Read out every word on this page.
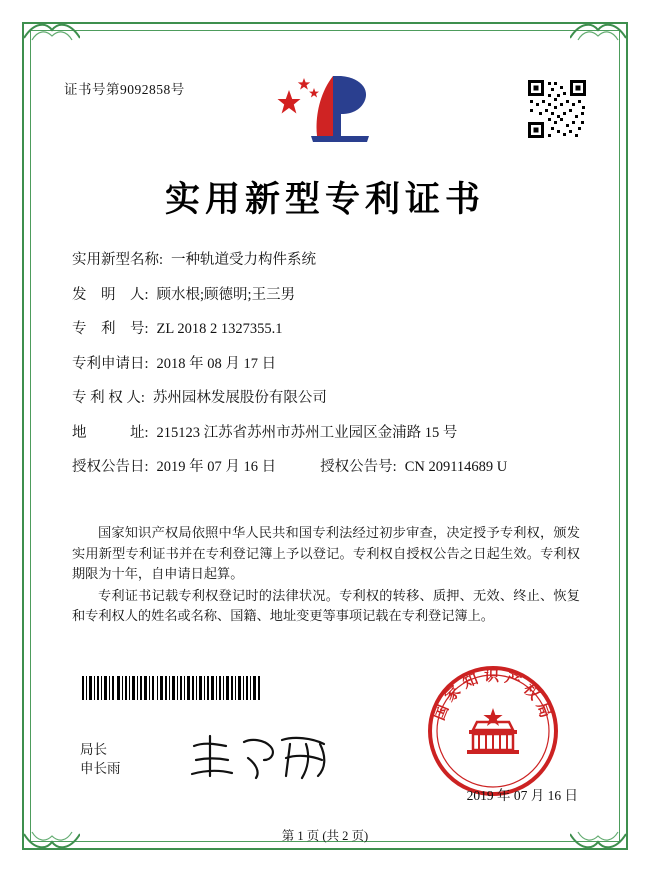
证书号第9092858号
实用新型专利证书
实用新型名称: 一种轨道受力构件系统
发　明　人: 顾水根;顾德明;王三男
专　利　号: ZL 2018 2 1327355.1
专利申请日: 2018 年 08 月 17 日
专 利 权 人: 苏州园林发展股份有限公司
地　　　址: 215123 江苏省苏州市苏州工业园区金浦路 15 号
授权公告日: 2019 年 07 月 16 日	授权公告号: CN 209114689 U

国家知识产权局依照中华人民共和国专利法经过初步审查，决定授予专利权，颁发实用新型专利证书并在专利登记簿上予以登记。专利权自授权公告之日起生效。专利权期限为十年，自申请日起算。

专利证书记载专利权登记时的法律状况。专利权的转移、质押、无效、终止、恢复和专利权人的姓名或名称、国籍、地址变更等事项记载在专利登记簿上。

国家知识产权局
局长
申长雨
2019 年 07 月 16 日
第 1 页 (共 2 页)
